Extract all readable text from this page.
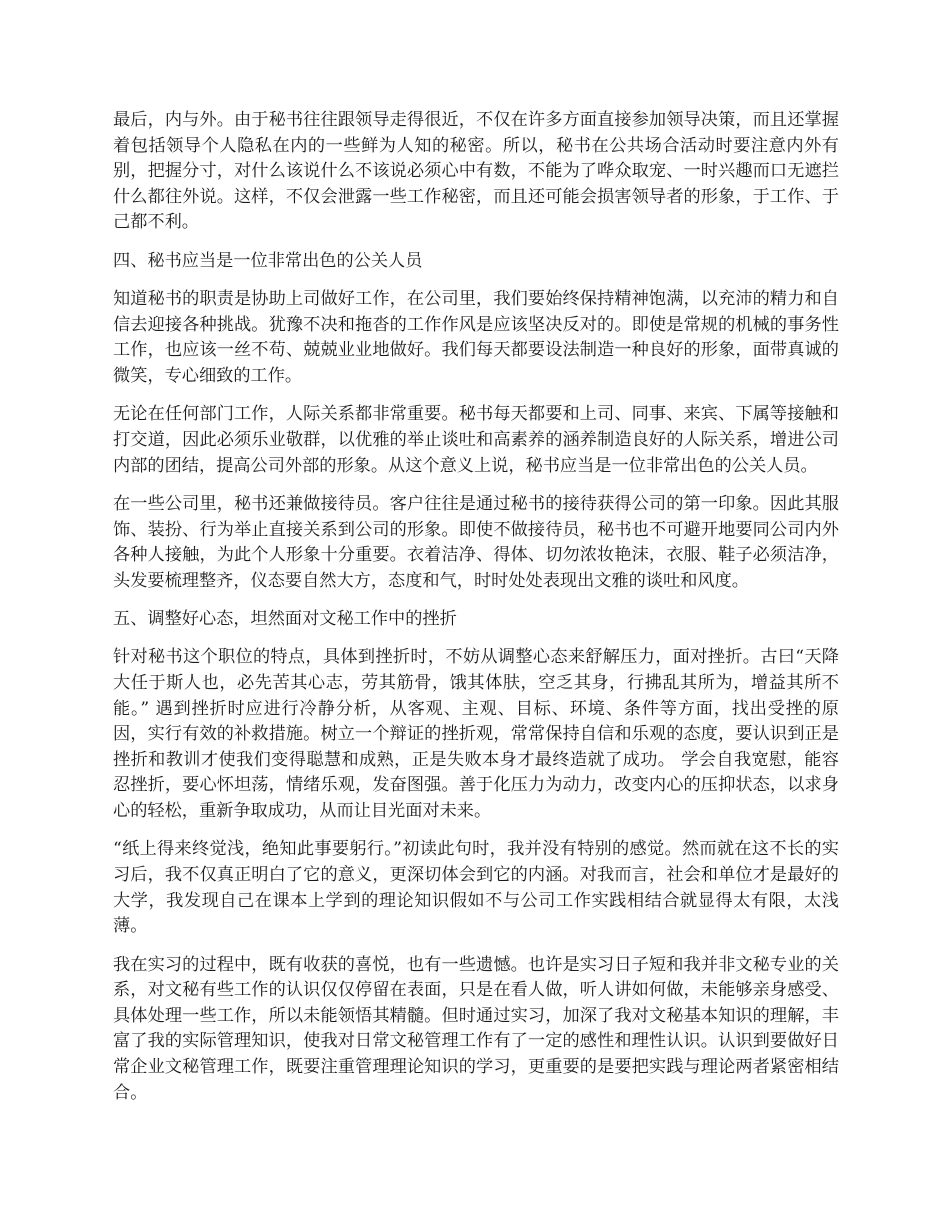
最后，内与外。由于秘书往往跟领导走得很近，不仅在许多方面直接参加领导决策，而且还掌握着包括领导个人隐私在内的一些鲜为人知的秘密。所以，秘书在公共场合活动时要注意内外有别，把握分寸，对什么该说什么不该说必须心中有数，不能为了哗众取宠、一时兴趣而口无遮拦什么都往外说。这样，不仅会泄露一些工作秘密，而且还可能会损害领导者的形象，于工作、于己都不利。

四、秘书应当是一位非常出色的公关人员

知道秘书的职责是协助上司做好工作，在公司里，我们要始终保持精神饱满，以充沛的精力和自信去迎接各种挑战。犹豫不决和拖沓的工作作风是应该坚决反对的。即使是常规的机械的事务性工作，也应该一丝不苟、兢兢业业地做好。我们每天都要设法制造一种良好的形象，面带真诚的微笑，专心细致的工作。

无论在任何部门工作，人际关系都非常重要。秘书每天都要和上司、同事、来宾、下属等接触和打交道，因此必须乐业敬群，以优雅的举止谈吐和高素养的涵养制造良好的人际关系，增进公司内部的团结，提高公司外部的形象。从这个意义上说，秘书应当是一位非常出色的公关人员。

在一些公司里，秘书还兼做接待员。客户往往是通过秘书的接待获得公司的第一印象。因此其服饰、装扮、行为举止直接关系到公司的形象。即使不做接待员，秘书也不可避开地要同公司内外各种人接触，为此个人形象十分重要。衣着洁净、得体、切勿浓妆艳沫，衣服、鞋子必须洁净，头发要梳理整齐，仪态要自然大方，态度和气，时时处处表现出文雅的谈吐和风度。

五、调整好心态，坦然面对文秘工作中的挫折

针对秘书这个职位的特点，具体到挫折时，不妨从调整心态来舒解压力，面对挫折。古曰“天降大任于斯人也，必先苦其心志，劳其筋骨，饿其体肤，空乏其身，行拂乱其所为，增益其所不能。” 遇到挫折时应进行冷静分析，从客观、主观、目标、环境、条件等方面，找出受挫的原因，实行有效的补救措施。树立一个辩证的挫折观，常常保持自信和乐观的态度，要认识到正是挫折和教训才使我们变得聪慧和成熟，正是失败本身才最终造就了成功。 学会自我宽慰，能容忍挫折，要心怀坦荡，情绪乐观，发奋图强。善于化压力为动力，改变内心的压抑状态，以求身心的轻松，重新争取成功，从而让目光面对未来。

“纸上得来终觉浅，绝知此事要躬行。”初读此句时，我并没有特别的感觉。然而就在这不长的实习后，我不仅真正明白了它的意义，更深切体会到它的内涵。对我而言，社会和单位才是最好的大学，我发现自己在课本上学到的理论知识假如不与公司工作实践相结合就显得太有限，太浅薄。

我在实习的过程中，既有收获的喜悦，也有一些遗憾。也许是实习日子短和我并非文秘专业的关系，对文秘有些工作的认识仅仅停留在表面，只是在看人做，听人讲如何做，未能够亲身感受、具体处理一些工作，所以未能领悟其精髓。但时通过实习，加深了我对文秘基本知识的理解，丰富了我的实际管理知识，使我对日常文秘管理工作有了一定的感性和理性认识。认识到要做好日常企业文秘管理工作，既要注重管理理论知识的学习，更重要的是要把实践与理论两者紧密相结合。
